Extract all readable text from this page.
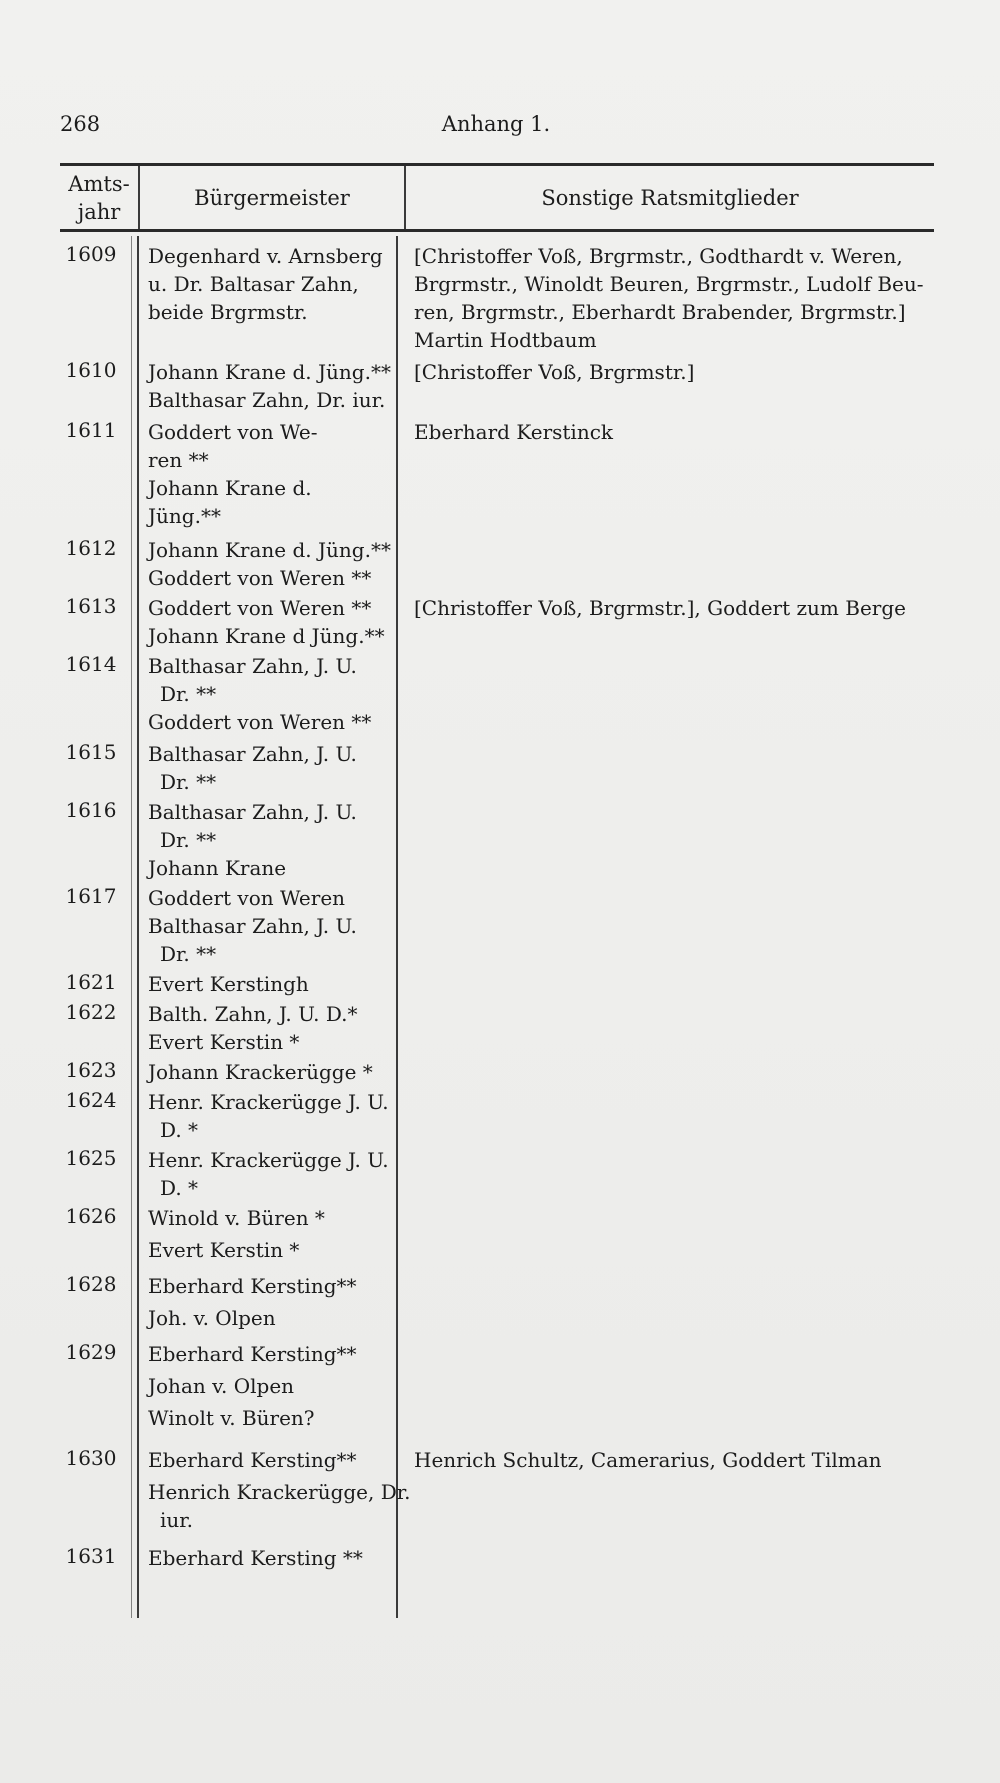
268	Anhang 1.
Amts-
jahr
Bürgermeister	Sonstige Ratsmitglieder
1609 Degenhard v. Arnsberg
u. Dr. Baltasar Zahn,
beide Brgrmstr.
[Christoffer Voß, Brgrmstr., Godthardt v. Weren,
Brgrmstr., Winoldt Beuren, Brgrmstr., Ludolf Beu-
ren, Brgrmstr., Eberhardt Brabender, Brgrmstr.]
Martin Hodtbaum
1610 Johann Krane d. Jüng.**
Balthasar Zahn, Dr. iur.
[Christoffer Voß, Brgrmstr.]
1611 Goddert von We-
ren **
Johann Krane d.
Jüng.**
Eberhard Kerstinck
1612 Johann Krane d. Jüng.**
Goddert von Weren **
1613 Goddert von Weren **
Johann Krane d Jüng.**
[Christoffer Voß, Brgrmstr.], Goddert zum Berge
1614 Balthasar Zahn, J. U.
Dr. **
Goddert von Weren **
1615 Balthasar Zahn, J. U.
Dr. **
1616 Balthasar Zahn, J. U.
Dr. **
Johann Krane
1617 Goddert von Weren
Balthasar Zahn, J. U.
Dr. **
1621 Evert Kerstingh
1622 Balth. Zahn, J. U. D.*
Evert Kerstin *
1623 Johann Krackerügge *
1624 Henr. Krackerügge J. U.
D. *
1625 Henr. Krackerügge J. U.
D. *
1626 Winold v. Büren *
Evert Kerstin *
1628 Eberhard Kersting**
Joh. v. Olpen
1629 Eberhard Kersting**
Johan v. Olpen
Winolt v. Büren?
1630 Eberhard Kersting**
Henrich Krackerügge, Dr.
iur.
Henrich Schultz, Camerarius, Goddert Tilman
1631 Eberhard Kersting **
